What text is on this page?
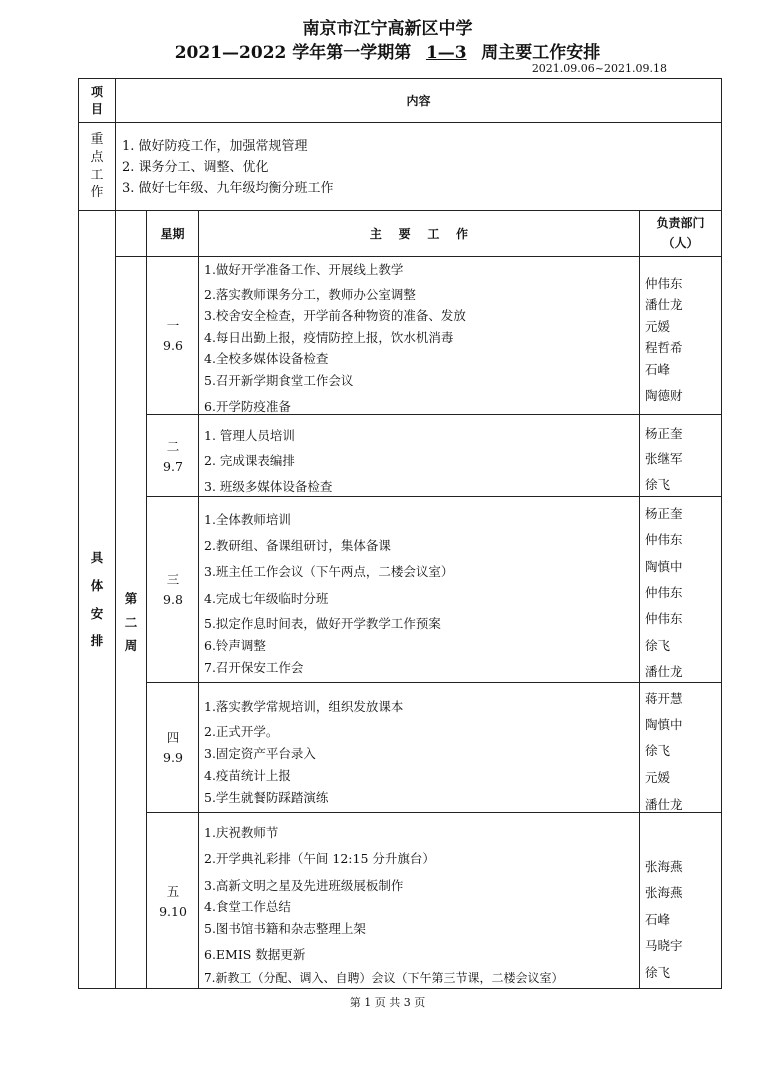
南京市江宁高新区中学
2021—2022 学年第一学期第 1—3 周主要工作安排
2021.09.06~2021.09.18
项目
内容
重
点
工
作
1. 做好防疫工作，加强常规管理
2. 课务分工、调整、优化
3. 做好七年级、九年级均衡分班工作
具
体
安
排
星期	主    要    工    作
负责部门
（人）
第
二
周
一
9.6
1.做好开学准备工作、开展线上教学
2.落实教师课务分工，教师办公室调整
3.校舍安全检查，开学前各种物资的准备、发放
4.每日出勤上报，疫情防控上报，饮水机消毒
4.全校多媒体设备检查
5.召开新学期食堂工作会议
6.开学防疫准备
仲伟东
潘仕龙
元媛
程哲希
石峰
陶德财
二
9.7
1. 管理人员培训
2. 完成课表编排
3. 班级多媒体设备检查
杨正奎
张继军
徐飞
三
9.8
1.全体教师培训
2.教研组、备课组研讨，集体备课
3.班主任工作会议（下午两点，二楼会议室）
4.完成七年级临时分班
5.拟定作息时间表，做好开学教学工作预案
6.铃声调整
7.召开保安工作会
杨正奎
仲伟东
陶慎中
仲伟东
仲伟东
徐飞
潘仕龙
四
9.9
1.落实教学常规培训，组织发放课本
2.正式开学。
3.固定资产平台录入
4.疫苗统计上报
5.学生就餐防踩踏演练
蒋开慧
陶慎中
徐飞
元媛
潘仕龙
五
9.10
1.庆祝教师节
2.开学典礼彩排（午间 12:15 分升旗台）
3.高新文明之星及先进班级展板制作
4.食堂工作总结
5.图书馆书籍和杂志整理上架
6.EMIS 数据更新
7.新教工（分配、调入、自聘）会议（下午第三节课，二楼会议室）
张海燕
张海燕
石峰
马晓宇
徐飞
第 1 页 共 3 页
